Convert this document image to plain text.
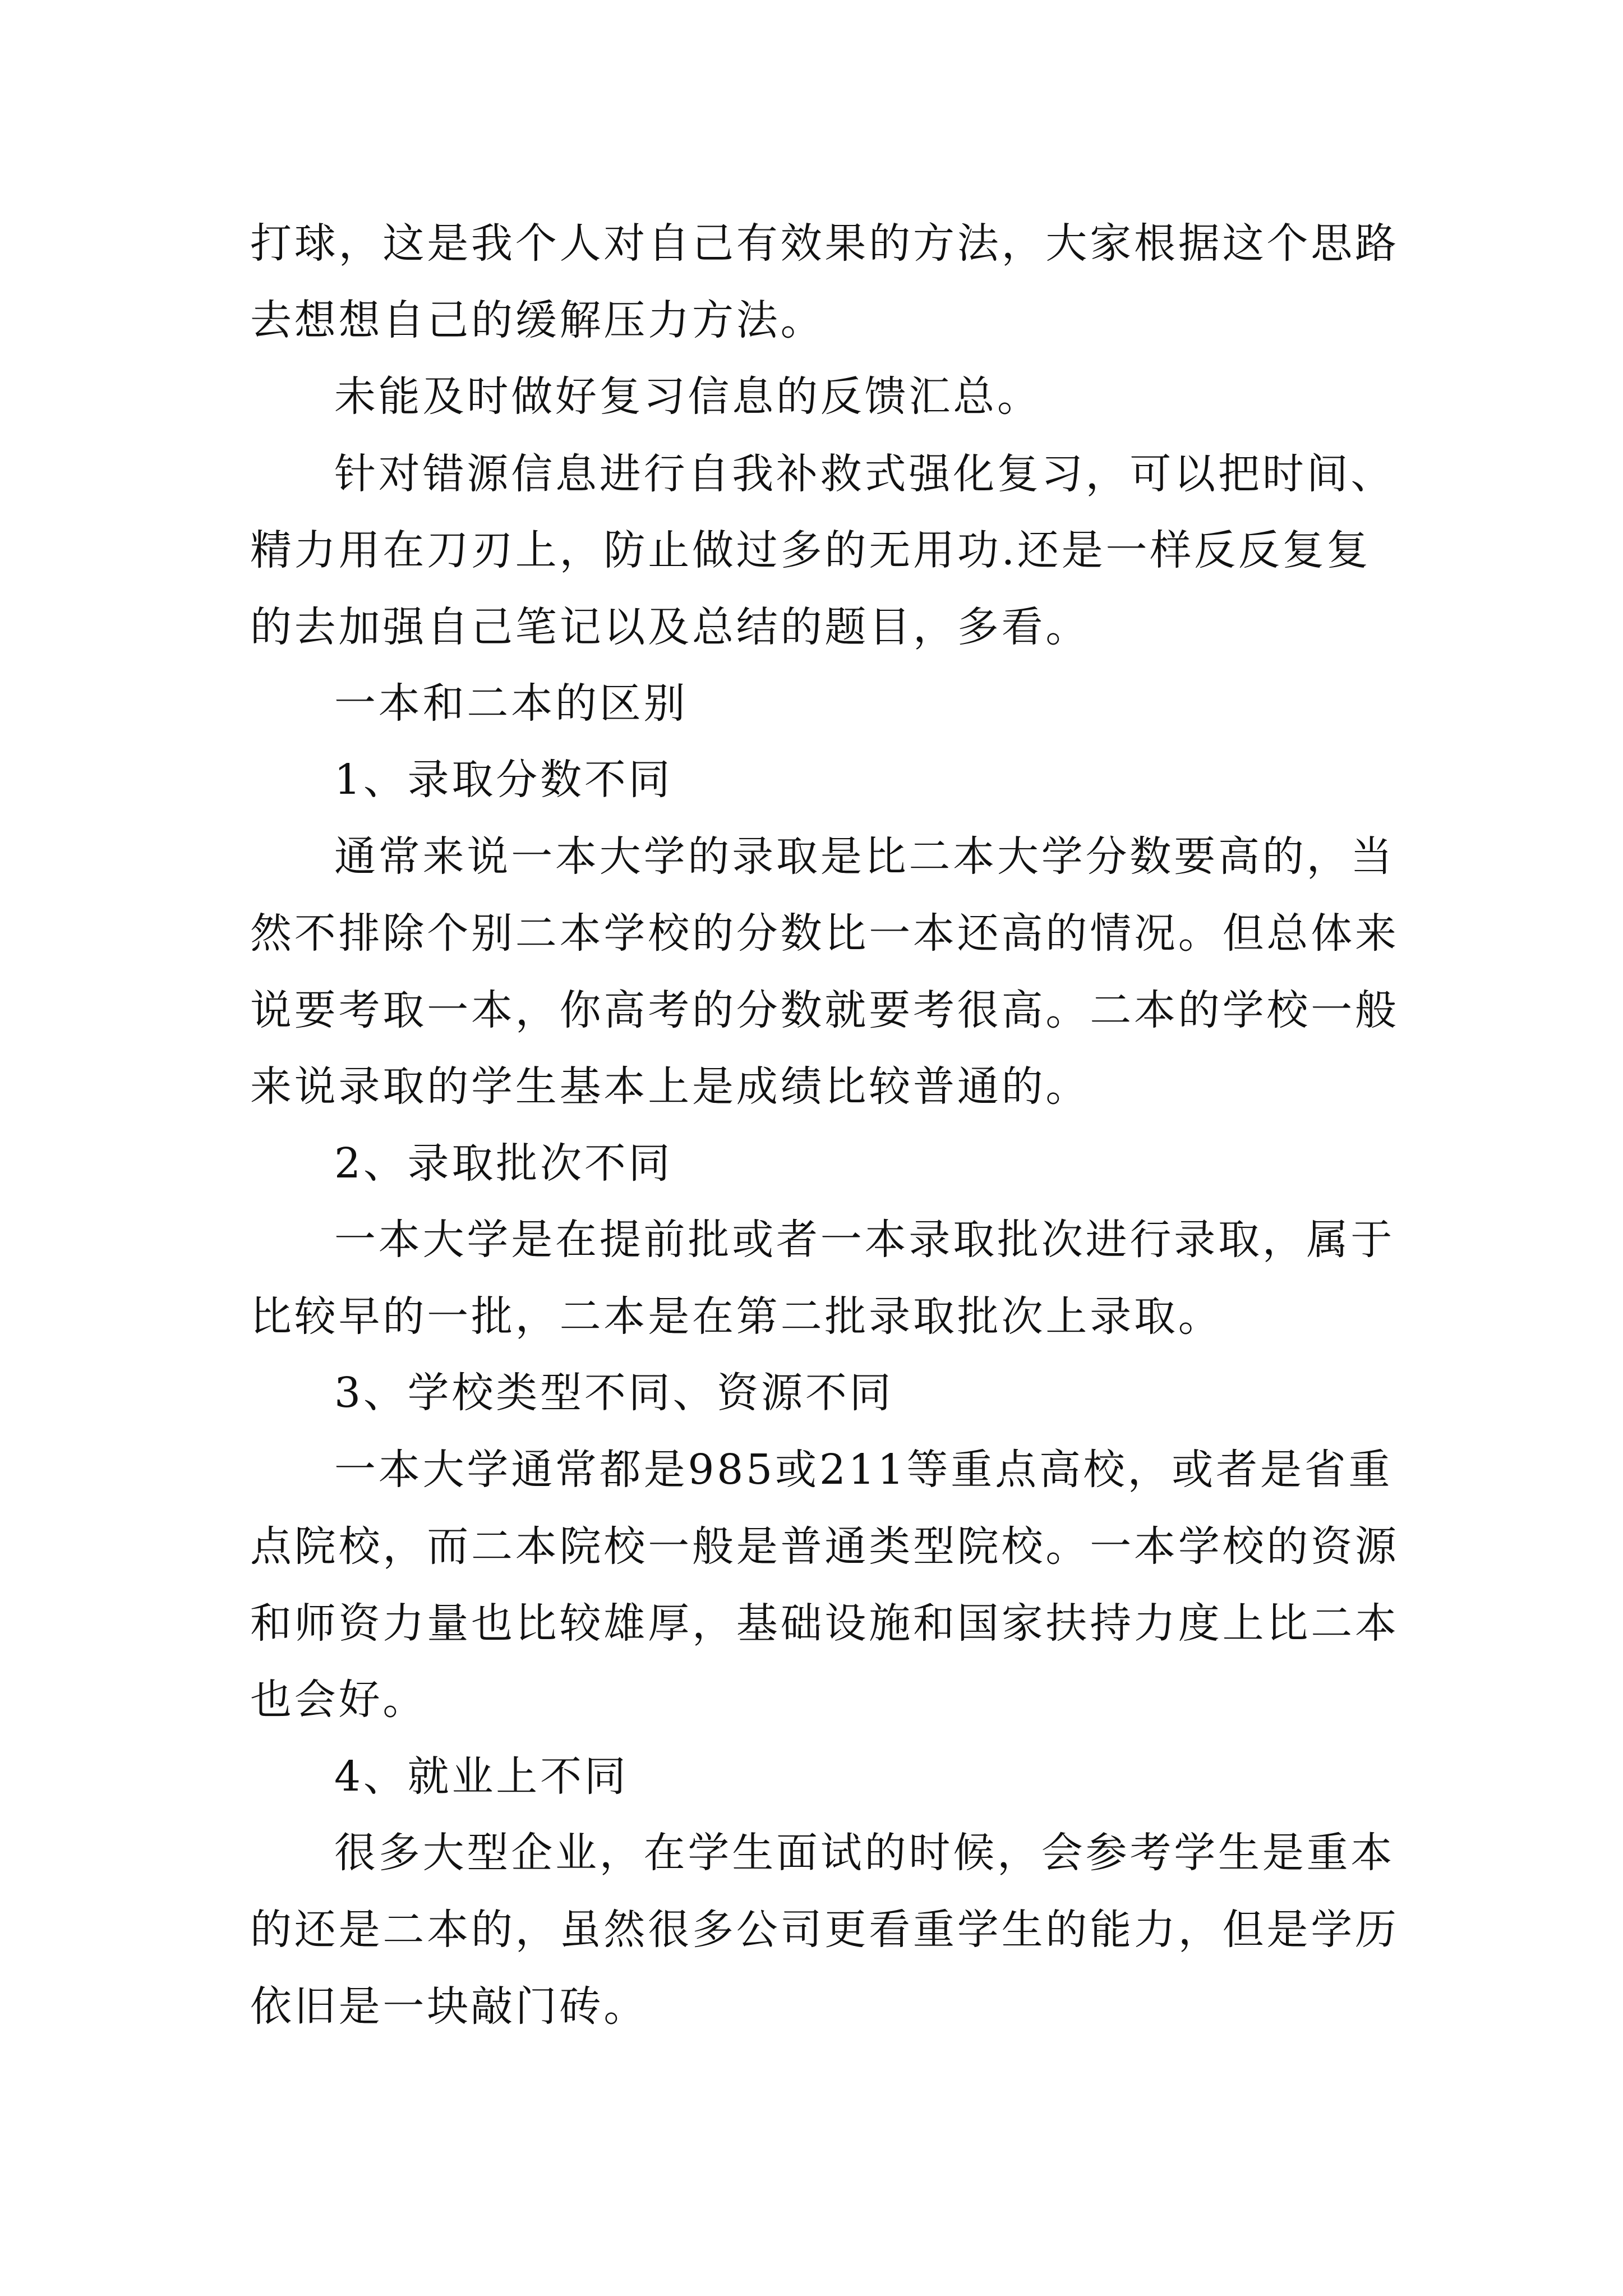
打球，这是我个人对自己有效果的方法，大家根据这个思路

去想想自己的缓解压力方法。

未能及时做好复习信息的反馈汇总。

针对错源信息进行自我补救式强化复习，可以把时间、

精力用在刀刃上，防止做过多的无用功.还是一样反反复复

的去加强自己笔记以及总结的题目，多看。

一本和二本的区别

1、录取分数不同

通常来说一本大学的录取是比二本大学分数要高的，当

然不排除个别二本学校的分数比一本还高的情况。但总体来

说要考取一本，你高考的分数就要考很高。二本的学校一般

来说录取的学生基本上是成绩比较普通的。

2、录取批次不同

一本大学是在提前批或者一本录取批次进行录取，属于

比较早的一批，二本是在第二批录取批次上录取。

3、学校类型不同、资源不同

一本大学通常都是985或211等重点高校，或者是省重

点院校，而二本院校一般是普通类型院校。一本学校的资源

和师资力量也比较雄厚，基础设施和国家扶持力度上比二本

也会好。

4、就业上不同

很多大型企业，在学生面试的时候，会参考学生是重本

的还是二本的，虽然很多公司更看重学生的能力，但是学历

依旧是一块敲门砖。
